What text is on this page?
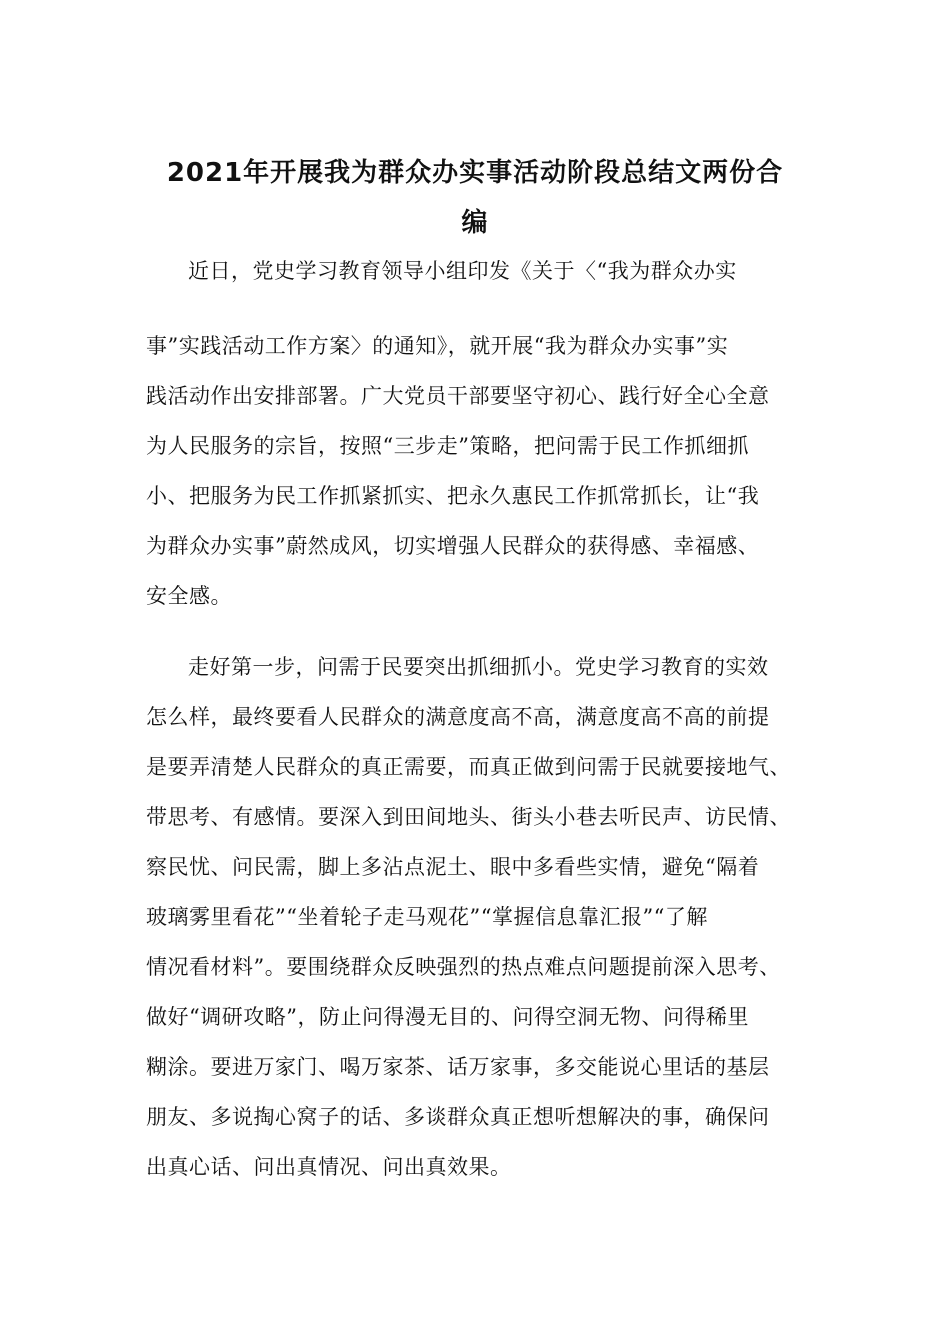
2021年开展我为群众办实事活动阶段总结文两份合
编

近日，党史学习教育领导小组印发《关于〈“我为群众办实

事”实践活动工作方案〉的通知》，就开展“我为群众办实事”实

践活动作出安排部署。广大党员干部要坚守初心、践行好全心全意

为人民服务的宗旨，按照“三步走”策略，把问需于民工作抓细抓

小、把服务为民工作抓紧抓实、把永久惠民工作抓常抓长，让“我

为群众办实事”蔚然成风，切实增强人民群众的获得感、幸福感、

安全感。

走好第一步，问需于民要突出抓细抓小。党史学习教育的实效

怎么样，最终要看人民群众的满意度高不高，满意度高不高的前提

是要弄清楚人民群众的真正需要，而真正做到问需于民就要接地气、

带思考、有感情。要深入到田间地头、街头小巷去听民声、访民情、

察民忧、问民需，脚上多沾点泥土、眼中多看些实情，避免“隔着

玻璃雾里看花”“坐着轮子走马观花”“掌握信息靠汇报”“了解

情况看材料”。要围绕群众反映强烈的热点难点问题提前深入思考、

做好“调研攻略”，防止问得漫无目的、问得空洞无物、问得稀里

糊涂。要进万家门、喝万家茶、话万家事，多交能说心里话的基层

朋友、多说掏心窝子的话、多谈群众真正想听想解决的事，确保问

出真心话、问出真情况、问出真效果。
